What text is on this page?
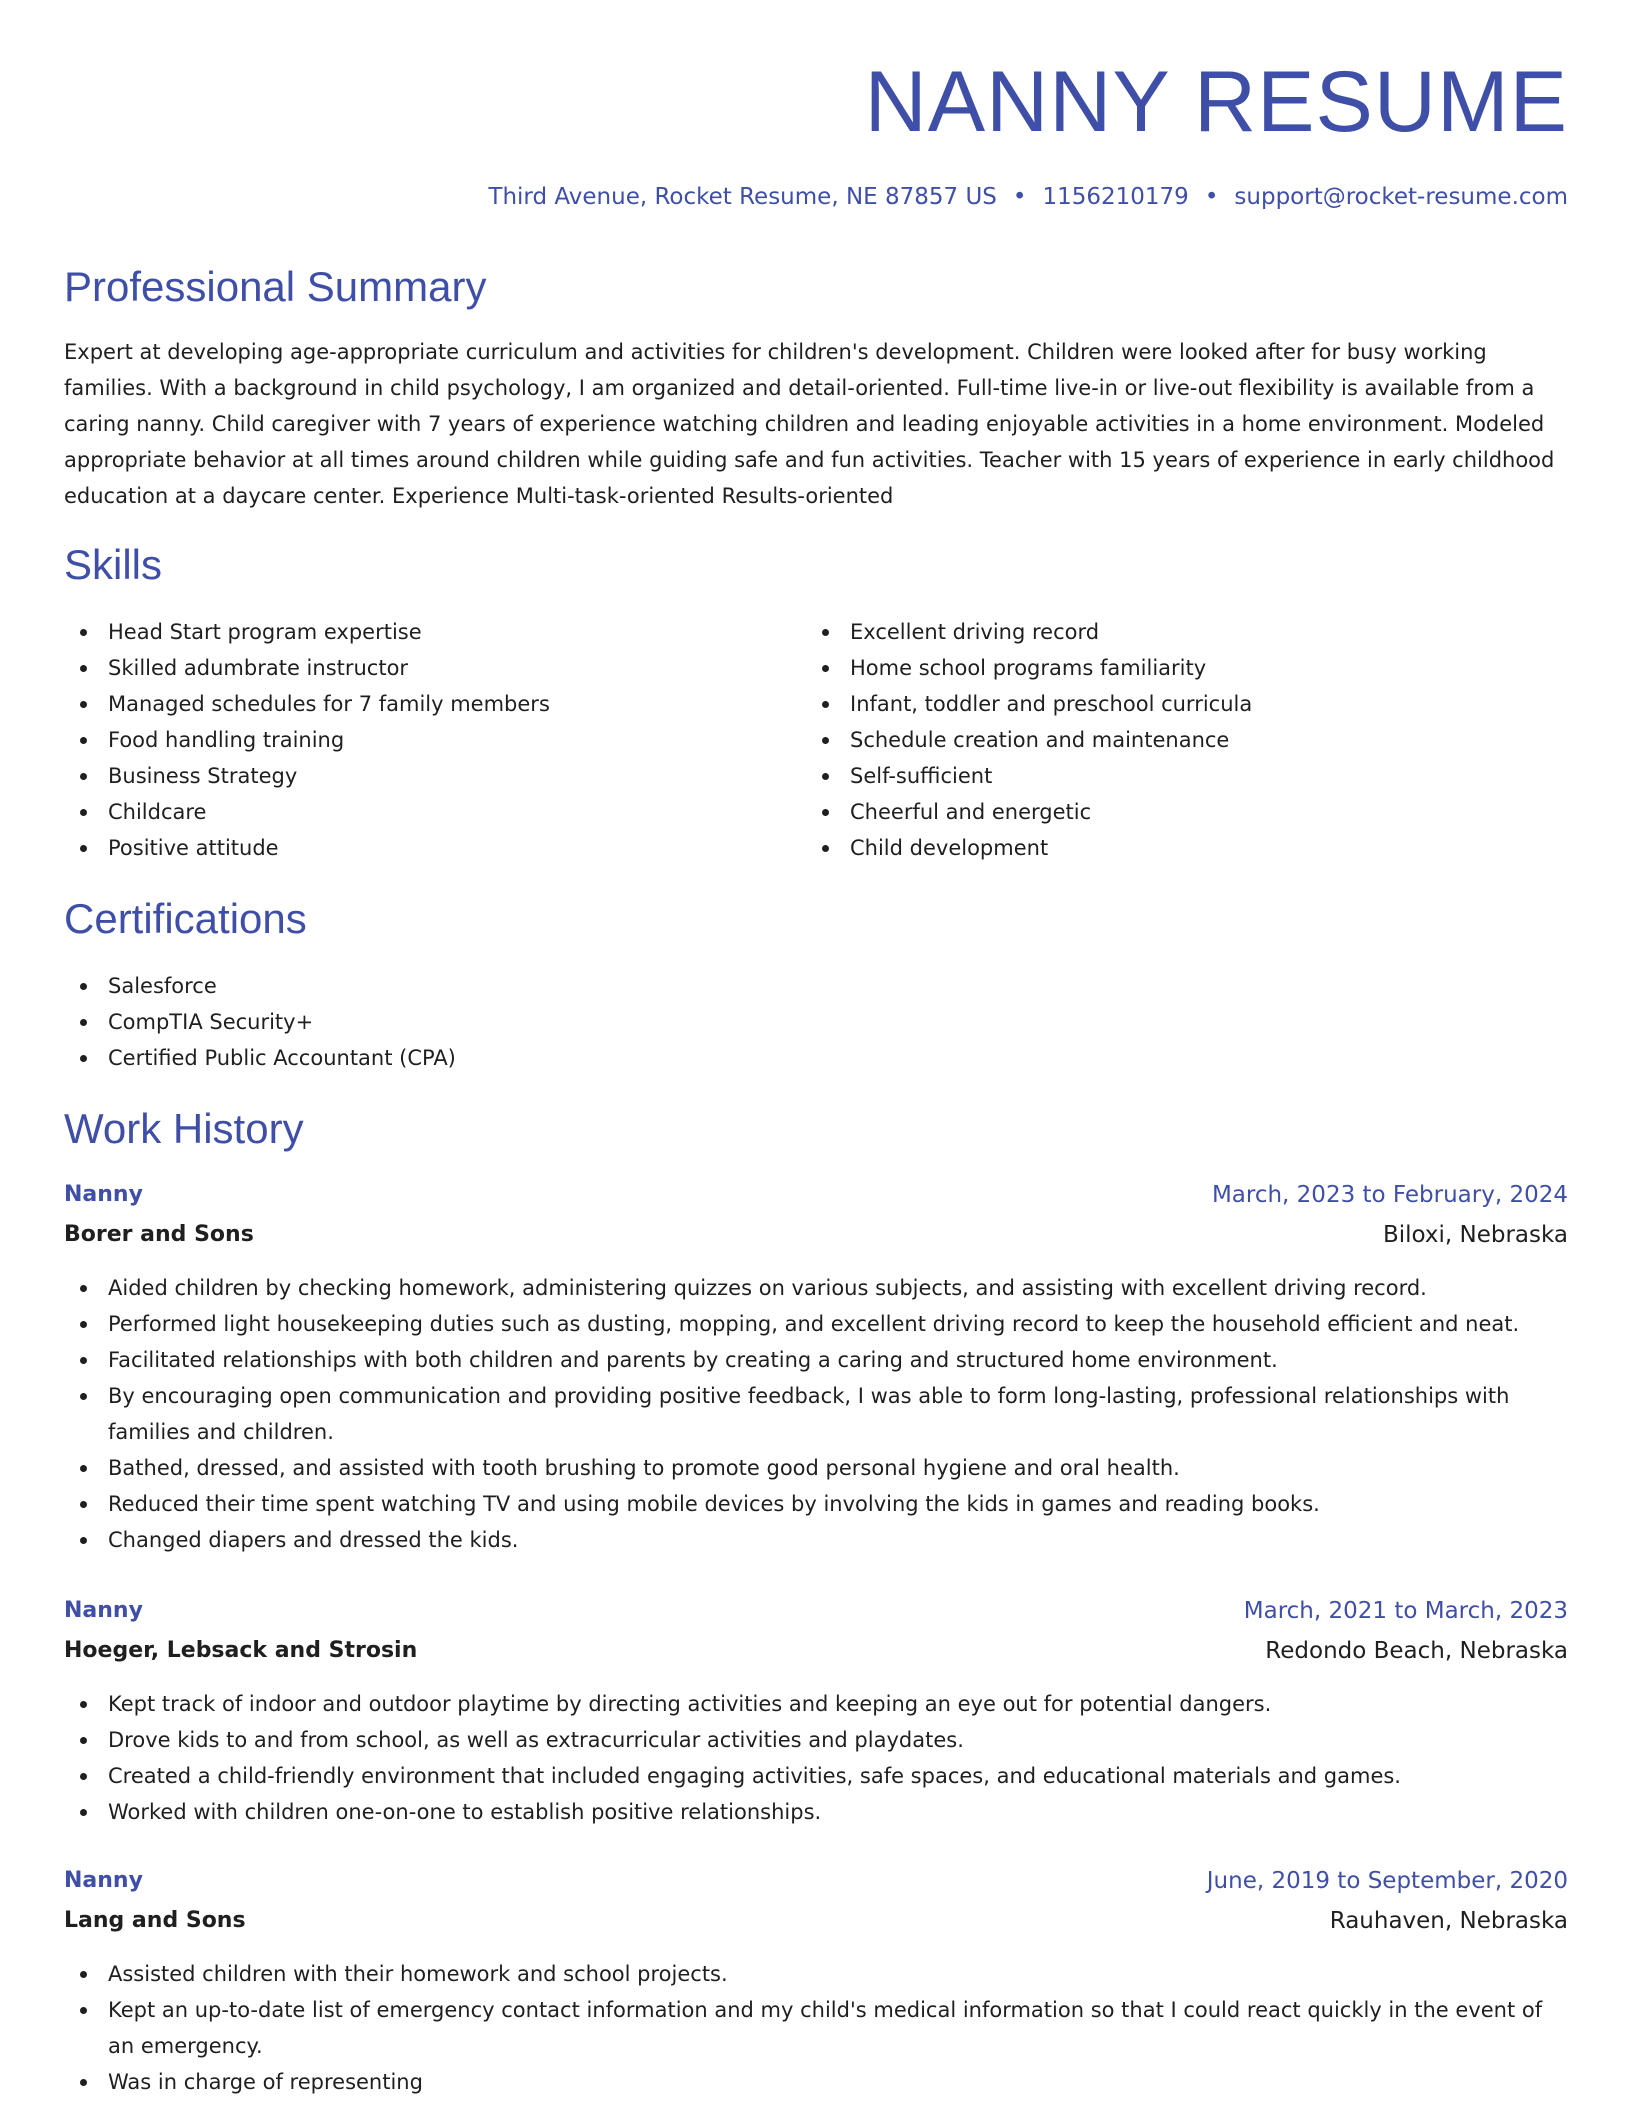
NANNY RESUME
Third Avenue, Rocket Resume, NE 87857 US • 1156210179 • support@rocket-resume.com
Professional Summary

Expert at developing age-appropriate curriculum and activities for children's development. Children were looked after for busy working families. With a background in child psychology, I am organized and detail-oriented. Full-time live-in or live-out flexibility is available from a caring nanny. Child caregiver with 7 years of experience watching children and leading enjoyable activities in a home environment. Modeled appropriate behavior at all times around children while guiding safe and fun activities. Teacher with 15 years of experience in early childhood education at a daycare center. Experience Multi-task-oriented Results-oriented

Skills
Head Start program expertise
Skilled adumbrate instructor
Managed schedules for 7 family members
Food handling training
Business Strategy
Childcare
Positive attitude
Excellent driving record
Home school programs familiarity
Infant, toddler and preschool curricula
Schedule creation and maintenance
Self-sufficient
Cheerful and energetic
Child development
Certifications
Salesforce
CompTIA Security+
Certified Public Accountant (CPA)
Work History
Nanny	March, 2023 to February, 2024
Borer and Sons	Biloxi, Nebraska
Aided children by checking homework, administering quizzes on various subjects, and assisting with excellent driving record.
Performed light housekeeping duties such as dusting, mopping, and excellent driving record to keep the household efficient and neat.
Facilitated relationships with both children and parents by creating a caring and structured home environment.
By encouraging open communication and providing positive feedback, I was able to form long-lasting, professional relationships with families and children.
Bathed, dressed, and assisted with tooth brushing to promote good personal hygiene and oral health.
Reduced their time spent watching TV and using mobile devices by involving the kids in games and reading books.
Changed diapers and dressed the kids.
Nanny	March, 2021 to March, 2023
Hoeger, Lebsack and Strosin	Redondo Beach, Nebraska
Kept track of indoor and outdoor playtime by directing activities and keeping an eye out for potential dangers.
Drove kids to and from school, as well as extracurricular activities and playdates.
Created a child-friendly environment that included engaging activities, safe spaces, and educational materials and games.
Worked with children one-on-one to establish positive relationships.
Nanny	June, 2019 to September, 2020
Lang and Sons	Rauhaven, Nebraska
Assisted children with their homework and school projects.
Kept an up-to-date list of emergency contact information and my child's medical information so that I could react quickly in the event of an emergency.
Was in charge of representing
